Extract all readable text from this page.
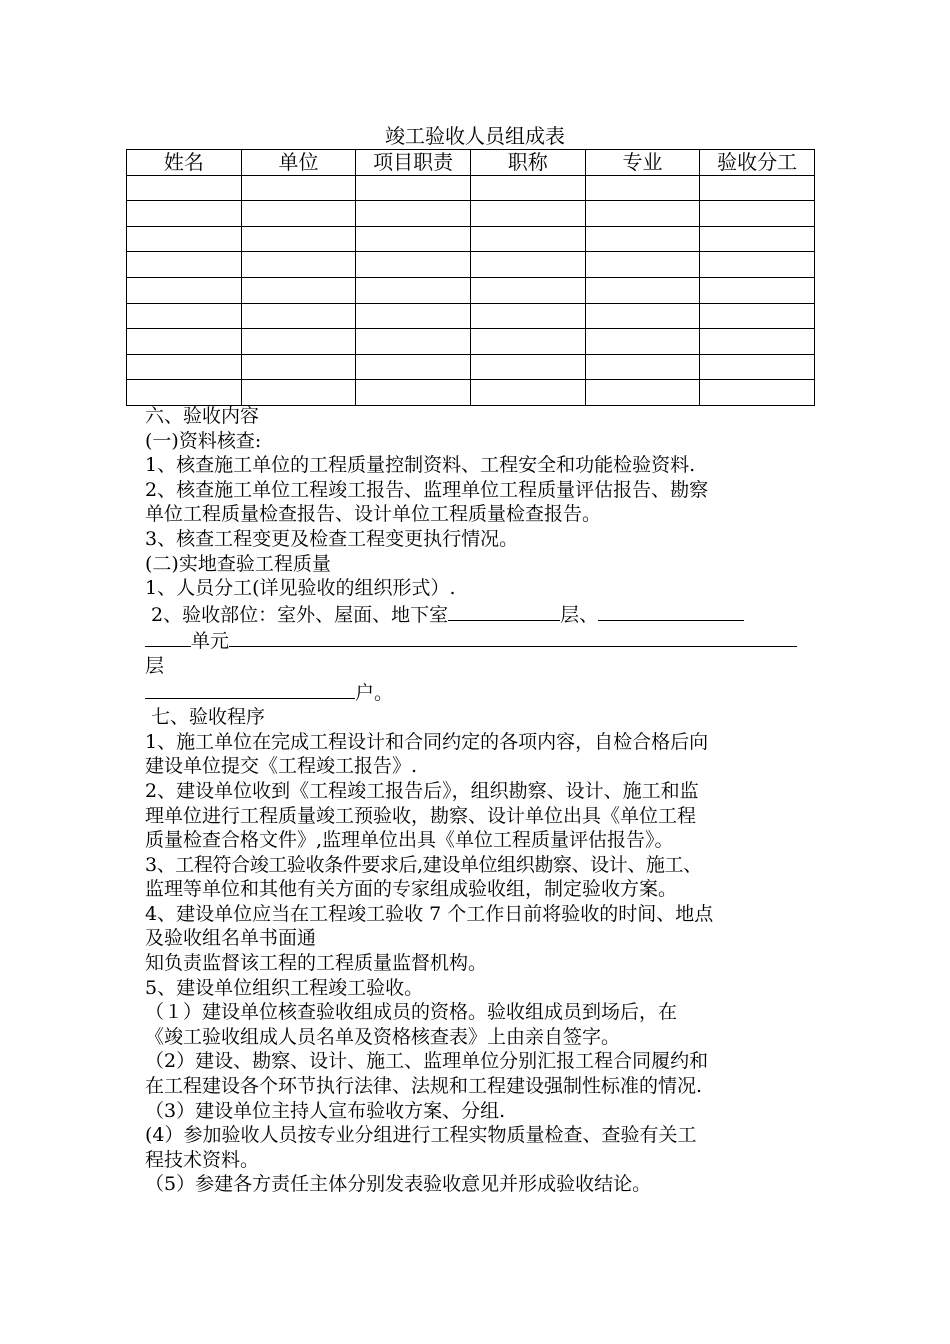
竣工验收人员组成表
姓名	单位	项目职责	职称	专业	验收分工

六、验收内容

(一)资料核查:

1、核查施工单位的工程质量控制资料、工程安全和功能检验资料.

2、核查施工单位工程竣工报告、监理单位工程质量评估报告、勘察

单位工程质量检查报告、设计单位工程质量检查报告。

3、核查工程变更及检查工程变更执行情况。

(二)实地查验工程质量

1、人员分工(详见验收的组织形式）.

2、验收部位：室外、屋面、地下室	层、

单元

层

户。

七、验收程序

1、施工单位在完成工程设计和合同约定的各项内容，自检合格后向

建设单位提交《工程竣工报告》.

2、建设单位收到《工程竣工报告后》，组织勘察、设计、施工和监

理单位进行工程质量竣工预验收，勘察、设计单位出具《单位工程

质量检查合格文件》,监理单位出具《单位工程质量评估报告》。

3、工程符合竣工验收条件要求后,建设单位组织勘察、设计、施工、

监理等单位和其他有关方面的专家组成验收组，制定验收方案。

4、建设单位应当在工程竣工验收 7 个工作日前将验收的时间、地点

及验收组名单书面通

知负责监督该工程的工程质量监督机构。

5、建设单位组织工程竣工验收。

（１）建设单位核查验收组成员的资格。验收组成员到场后，在

《竣工验收组成人员名单及资格核查表》上由亲自签字。

（2）建设、勘察、设计、施工、监理单位分别汇报工程合同履约和

在工程建设各个环节执行法律、法规和工程建设强制性标准的情况.

（3）建设单位主持人宣布验收方案、分组.

(4）参加验收人员按专业分组进行工程实物质量检查、查验有关工

程技术资料。

（5）参建各方责任主体分别发表验收意见并形成验收结论。
